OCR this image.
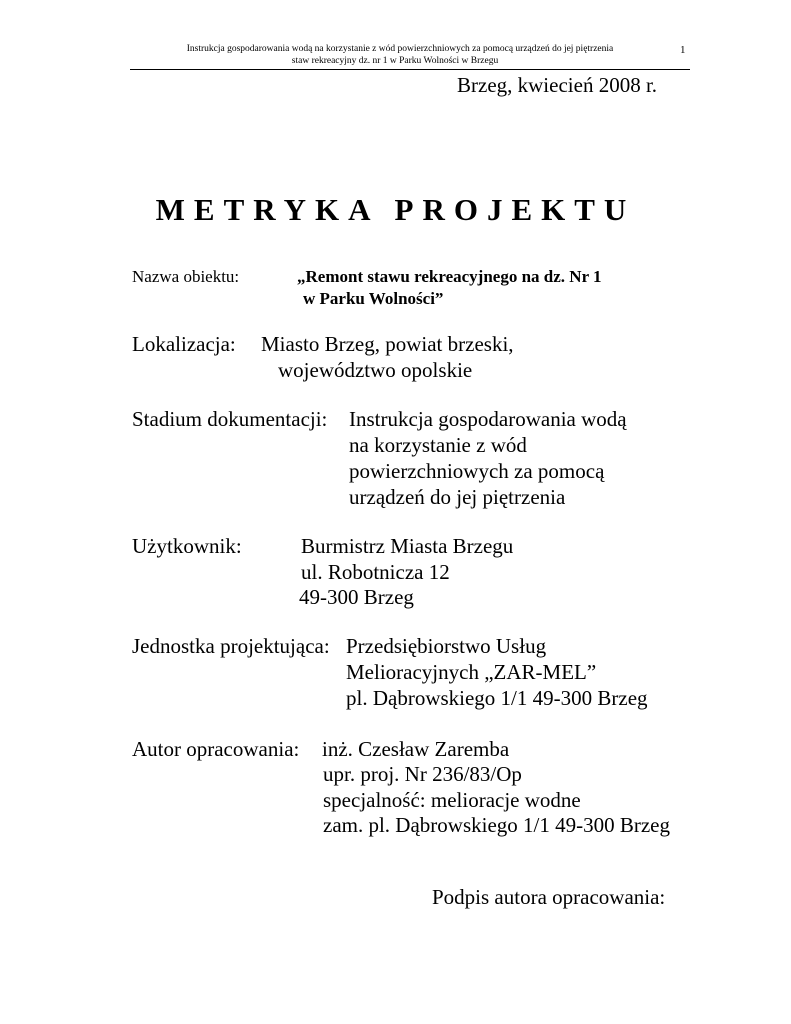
Instrukcja gospodarowania wodą na korzystanie z wód powierzchniowych za pomocą urządzeń do jej piętrzenia
staw rekreacyjny dz. nr 1 w Parku Wolności w Brzegu
1
Brzeg, kwiecień 2008 r.
METRYKA PROJEKTU
Nazwa obiektu:	„Remont stawu rekreacyjnego na dz. Nr 1
w Parku Wolności”
Lokalizacja: Miasto Brzeg, powiat brzeski,
województwo opolskie
Stadium dokumentacji: Instrukcja gospodarowania wodą
na korzystanie z wód
powierzchniowych za pomocą
urządzeń do jej piętrzenia
Użytkownik:	Burmistrz Miasta Brzegu
ul. Robotnicza 12
49-300 Brzeg
Jednostka projektująca: Przedsiębiorstwo Usług
Melioracyjnych „ZAR-MEL”
pl. Dąbrowskiego 1/1 49-300 Brzeg
Autor opracowania: inż. Czesław Zaremba
upr. proj. Nr 236/83/Op
specjalność: melioracje wodne
zam. pl. Dąbrowskiego 1/1 49-300 Brzeg
Podpis autora opracowania:
